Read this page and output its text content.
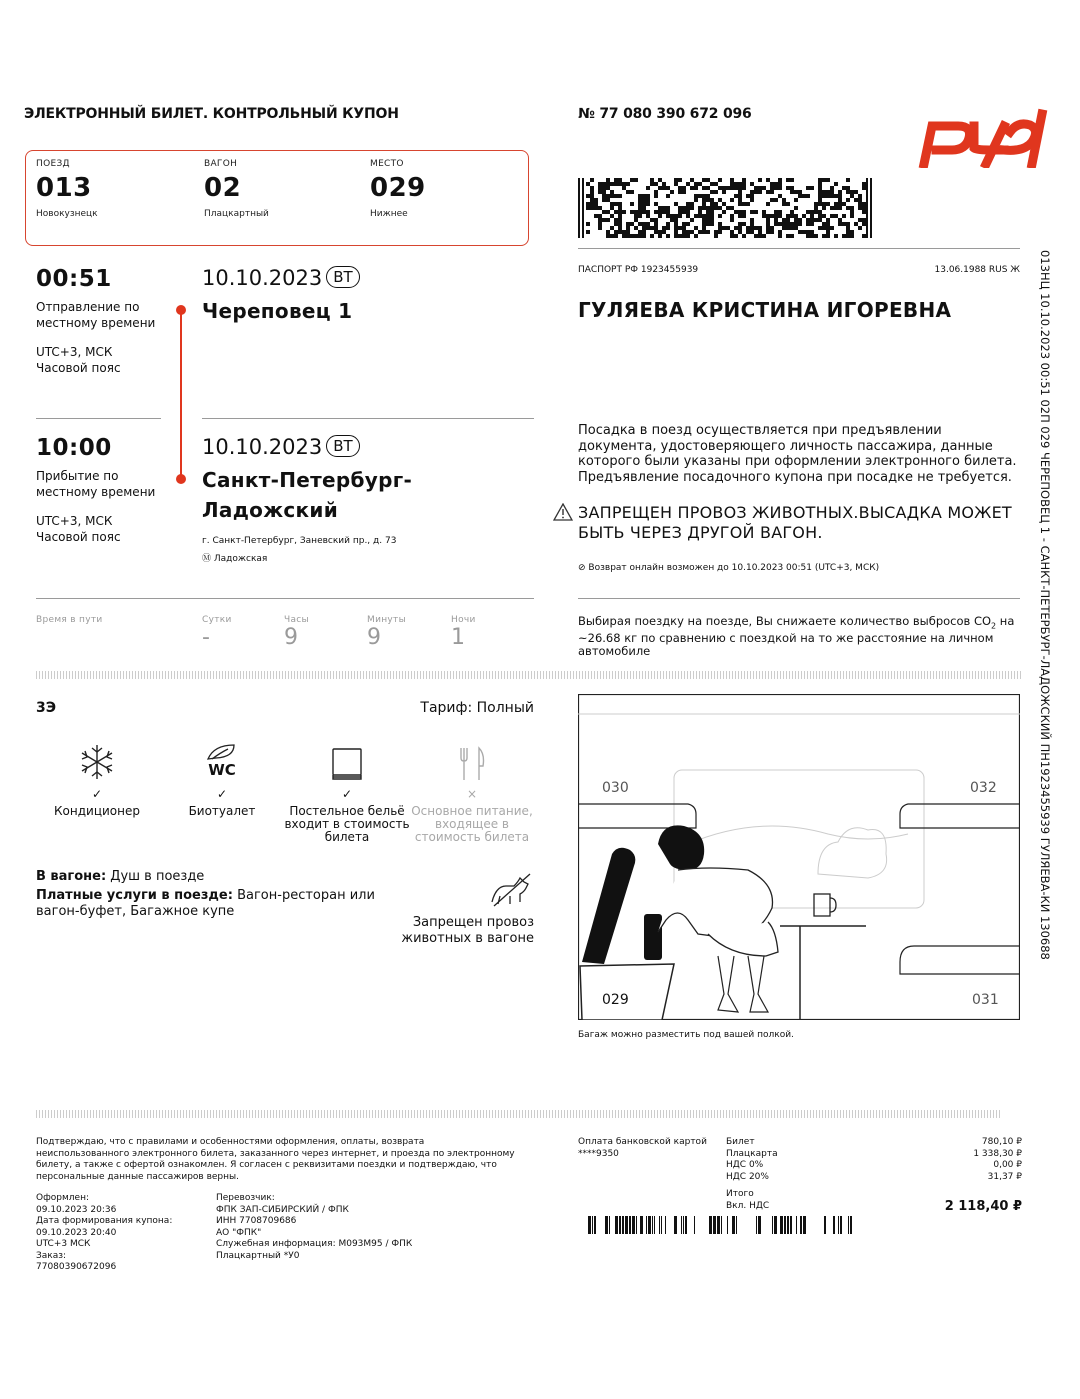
ЭЛЕКТРОННЫЙ БИЛЕТ. КОНТРОЛЬНЫЙ КУПОН	№ 77 080 390 672 096
ПОЕЗД
013
Новокузнецк
ВАГОН
02
Плацкартный
МЕСТО
029
Нижнее
00:51
Отправление по местному времени
UTC+3, МСК
Часовой пояс
10.10.2023 ВТ
Череповец 1
10:00
Прибытие по местному времени
UTC+3, МСК
Часовой пояс
10.10.2023 ВТ
Санкт-Петербург-
Ладожский
г. Санкт-Петербург, Заневский пр., д. 73
Ⓜ Ладожская
Время в пути	Сутки
-
Часы
9
Минуты
9
Ночи
1
ПАСПОРТ РФ 1923455939	13.06.1988 RUS Ж
ГУЛЯЕВА КРИСТИНА ИГОРЕВНА
Посадка в поезд осуществляется при предъявлении документа, удостоверяющего личность пассажира, данные которого были указаны при оформлении электронного билета. Предъявление посадочного купона при посадке не требуется.
ЗАПРЕЩЕН ПРОВОЗ ЖИВОТНЫХ.ВЫСАДКА МОЖЕТ БЫТЬ ЧЕРЕЗ ДРУГОЙ ВАГОН.
⊘ Возврат онлайн возможен до 10.10.2023 00:51 (UTC+3, МСК)
Выбирая поездку на поезде, Вы снижаете количество выбросов $CO_2$ на ~26.68 кг по сравнению с поездкой на то же расстояние на личном автомобиле	013НЦ 10.10.2023 00:51 02П 029 ЧЕРЕПОВЕЦ 1 - САНКТ-ПЕТЕРБУРГ-ЛАДОЖСКИЙ ПН1923455939 ГУЛЯЕВА-КИ 130688
3Э	Тариф: Полный
✓
Кондиционер
WC
✓
Биотуалет
✓
Постельное бельё входит в стоимость билета
×
Основное питание, входящее в стоимость билета
В вагоне: Душ в поезде
Платные услуги в поезде: Вагон-ресторан или вагон-буфет, Багажное купе
Запрещен провоз животных в вагоне
030	032
029	031
Багаж можно разместить под вашей полкой.
Подтверждаю, что с правилами и особенностями оформления, оплаты, возврата неиспользованного электронного билета, заказанного через интернет, и проезда по электронному билету, а также с офертой ознакомлен. Я согласен с реквизитами поездки и подтверждаю, что персональные данные пассажиров верны.
Оформлен:
09.10.2023 20:36
Дата формирования купона:
09.10.2023 20:40
UTC+3 МСК
Заказ:
77080390672096
Перевозчик:
ФПК ЗАП-СИБИРСКИЙ / ФПК
ИНН 7708709686
АО "ФПК"
Служебная информация: М093М95 / ФПК
Плацкартный *У0
Оплата банковской картой
****9350
Билет	780,10 ₽
Плацкарта	1 338,30 ₽
НДС 0%	0,00 ₽
НДС 20%	31,37 ₽
Итого
Вкл. НДС	2 118,40 ₽
